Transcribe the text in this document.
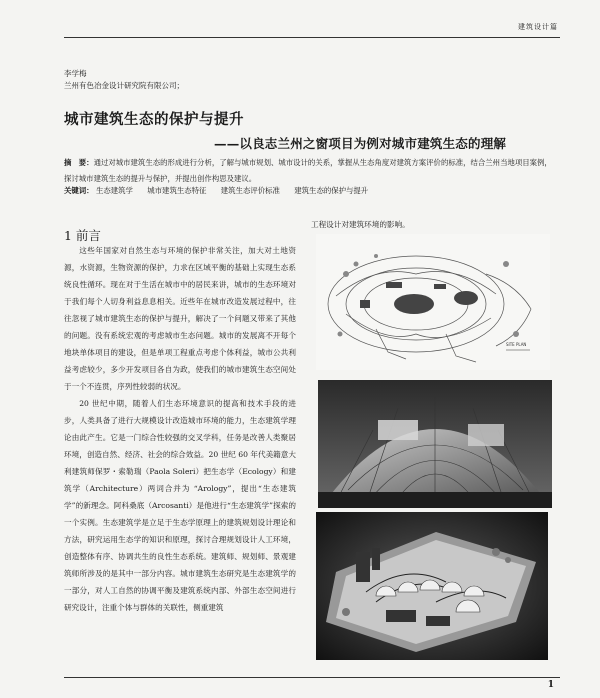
建筑设计篇
李学梅
兰州有色冶金设计研究院有限公司；
城市建筑生态的保护与提升
——以良志兰州之窗项目为例对城市建筑生态的理解
摘　要：通过对城市建筑生态的形成进行分析，了解与城市规划、城市设计的关系，掌握从生态角度对建筑方案评价的标准，结合兰州当地项目案例，探讨城市建筑生态的提升与保护，并提出创作构思及建议。
关键词： 生态建筑学 城市建筑生态特征 建筑生态评价标准 建筑生态的保护与提升
1 前言

这些年国家对自然生态与环境的保护非常关注，加大对土地资源，水资源，生物资源的保护，力求在区域平衡的基础上实现生态系统良性循环。现在对于生活在城市中的居民来讲，城市的生态环境对于我们每个人切身利益息息相关。近些年在城市改造发展过程中，往往忽视了城市建筑生态的保护与提升，解决了一个问题又带来了其他的问题。没有系统宏观的考虑城市生态问题。城市的发展离不开每个地块单体项目的建设，但是单项工程重点考虑个体利益，城市公共利益考虑较少，多少开发项目各自为政，使我们的城市建筑生态空间处于一个不连贯，序列性较弱的状况。

20 世纪中期，随着人们生态环境意识的提高和技术手段的进步，人类具备了进行大规模设计改造城市环境的能力，生态建筑学理论由此产生。它是一门综合性较强的交叉学科，任务是改善人类聚居环境，创造自然、经济、社会的综合效益。20 世纪 60 年代美籍意大利建筑师保罗・索勒瑞（Paola Soleri）把生态学（Ecology）和建筑学（Architecture）两词合并为 “Arology”，提出“生态建筑学”的新理念。阿科桑底（Arcosanti）是他进行“生态建筑学”探索的一个实例。生态建筑学是立足于生态学原理上的建筑规划设计理论和方法，研究运用生态学的知识和原理，探讨合理规划设计人工环境，创造整体有序、协调共生的良性生态系统。建筑师、规划师、景观建筑师所涉及的是其中一部分内容。城市建筑生态研究是生态建筑学的一部分，对人工自然的协调平衡及建筑系统内部、外部生态空间进行研究设计，注重个体与群体的关联性，侧重建筑

工程设计对建筑环境的影响。
SITE PLAN
1
